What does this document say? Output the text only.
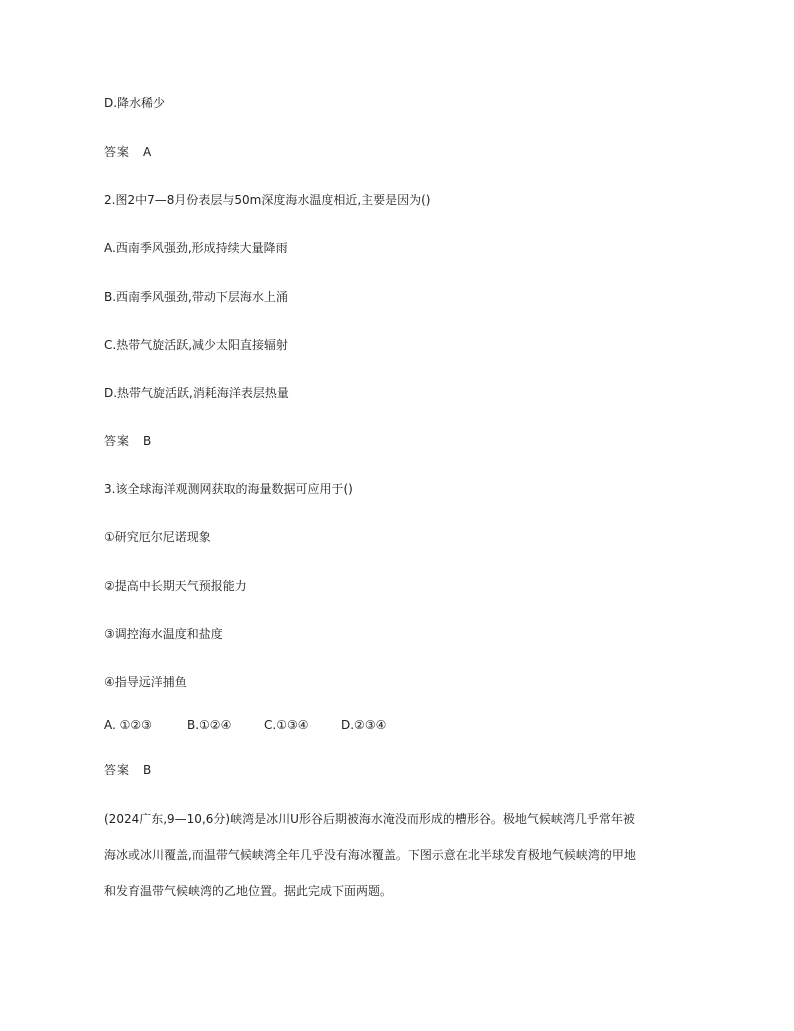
D.降水稀少
答案　A
2.图2中7—8月份表层与50m深度海水温度相近,主要是因为()
A.西南季风强劲,形成持续大量降雨
B.西南季风强劲,带动下层海水上涌
C.热带气旋活跃,减少太阳直接辐射
D.热带气旋活跃,消耗海洋表层热量
答案　B
3.该全球海洋观测网获取的海量数据可应用于()
①研究厄尔尼诺现象
②提高中长期天气预报能力
③调控海水温度和盐度
④指导远洋捕鱼
A. ①②③	B.①②④	C.①③④	D.②③④
答案　B
(2024广东,9—10,6分)峡湾是冰川U形谷后期被海水淹没而形成的槽形谷。极地气候峡湾几乎常年被
海冰或冰川覆盖,而温带气候峡湾全年几乎没有海冰覆盖。下图示意在北半球发育极地气候峡湾的甲地
和发育温带气候峡湾的乙地位置。据此完成下面两题。
